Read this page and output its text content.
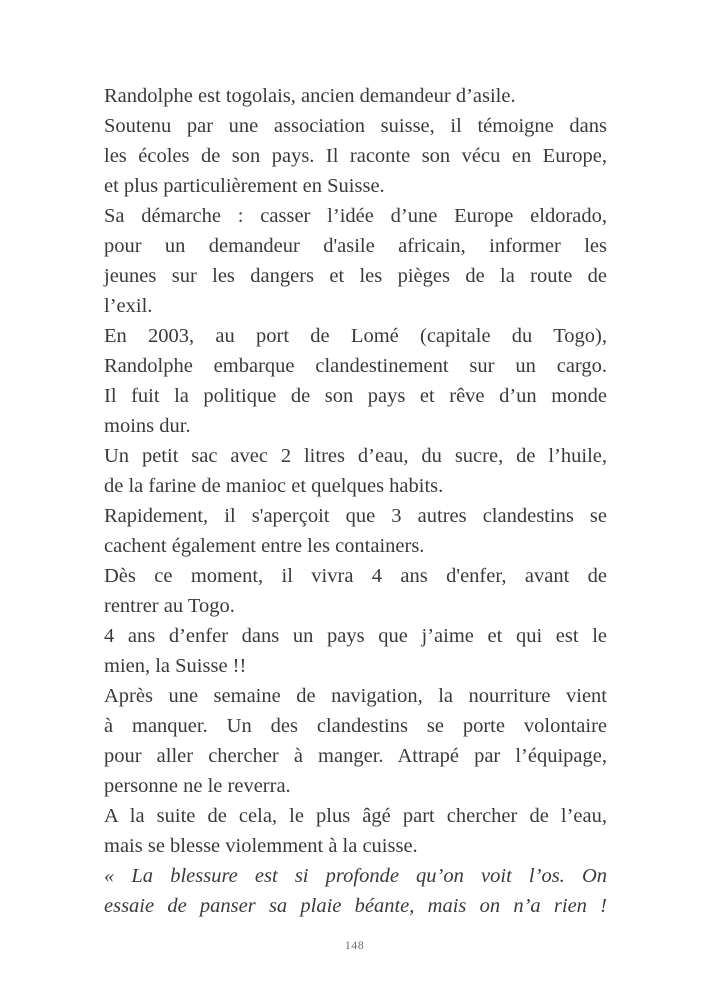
Randolphe est togolais, ancien demandeur d’asile.

Soutenu par une association suisse, il témoigne dans
les écoles de son pays. Il raconte son vécu en Europe,
et plus particulièrement en Suisse.

Sa démarche : casser l’idée d’une Europe eldorado,
pour un demandeur d'asile africain, informer les
jeunes sur les dangers et les pièges de la route de
l’exil.

En 2003, au port de Lomé (capitale du Togo),
Randolphe embarque clandestinement sur un cargo.
Il fuit la politique de son pays et rêve d’un monde
moins dur.

Un petit sac avec 2 litres d’eau, du sucre, de l’huile,
de la farine de manioc et quelques habits.

Rapidement, il s'aperçoit que 3 autres clandestins se
cachent également entre les containers.

Dès ce moment, il vivra 4 ans d'enfer, avant de
rentrer au Togo.

4 ans d’enfer dans un pays que j’aime et qui est le
mien, la Suisse !!

Après une semaine de navigation, la nourriture vient
à manquer. Un des clandestins se porte volontaire
pour aller chercher à manger. Attrapé par l’équipage,
personne ne le reverra.

A la suite de cela, le plus âgé part chercher de l’eau,
mais se blesse violemment à la cuisse.

« La blessure est si profonde qu’on voit l’os. On
essaie de panser sa plaie béante, mais on n’a rien !

148
